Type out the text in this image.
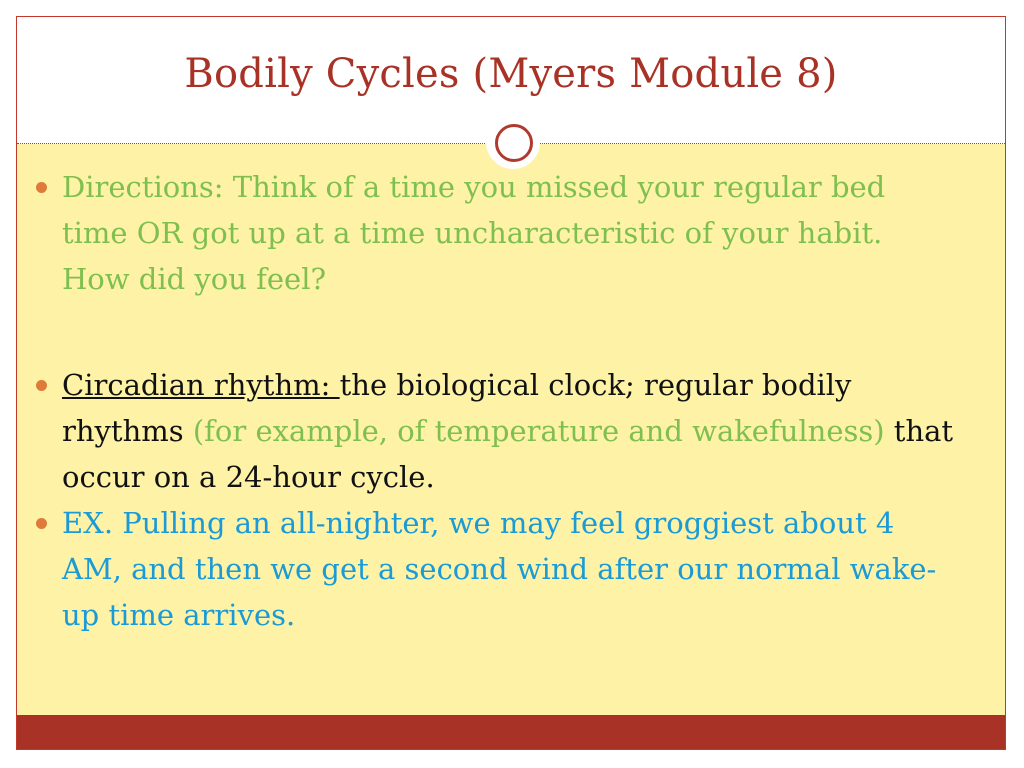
Bodily Cycles (Myers Module 8)

Directions: Think of a time you missed your regular bed time OR got up at a time uncharacteristic of your habit. How did you feel?

Circadian rhythm: the biological clock; regular bodily rhythms (for example, of temperature and wakefulness) that occur on a 24-hour cycle.

EX. Pulling an all-nighter, we may feel groggiest about 4 AM, and then we get a second wind after our normal wake-up time arrives.
